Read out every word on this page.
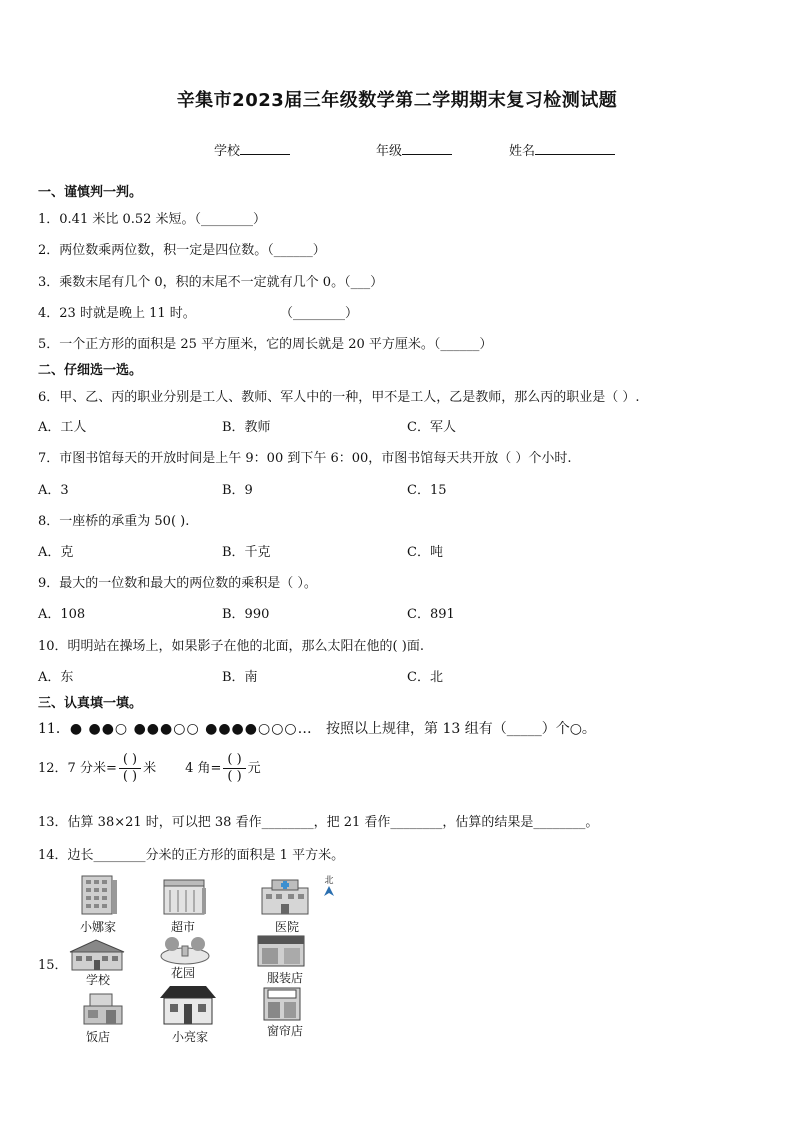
辛集市2023届三年级数学第二学期期末复习检测试题
学校	年级	姓名
一、谨慎判一判。
1．0.41 米比 0.52 米短。（________）
2．两位数乘两位数，积一定是四位数。（______）
3．乘数末尾有几个 0，积的末尾不一定就有几个 0。（___）
4．23 时就是晚上 11 时。	（________）
5．一个正方形的面积是 25 平方厘米，它的周长就是 20 平方厘米。（______）
二、仔细选一选。
6．甲、乙、丙的职业分别是工人、教师、军人中的一种，甲不是工人，乙是教师，那么丙的职业是（ ）.
A．工人	B．教师	C．军人
7．市图书馆每天的开放时间是上午 9：00 到下午 6：00，市图书馆每天共开放（ ）个小时.
A．3	B．9	C．15
8．一座桥的承重为 50( ).
A．克	B．千克	C．吨
9．最大的一位数和最大的两位数的乘积是（ ）。
A．108	B．990	C．891
10．明明站在操场上，如果影子在他的北面，那么太阳在他的( )面.
A．东	B．南	C．北
三、认真填一填。
11．● ●●○ ●●●○○ ●●●●○○○… 按照以上规律，第 13 组有（_____）个○。
12．7 分米= $\frac{( )}{( )}$ 米 4 角= $\frac{( )}{( )}$ 元
13．估算 38×21 时，可以把 38 看作________，把 21 看作________，估算的结果是________。
14．边长________分米的正方形的面积是 1 平方米。
15．
北
小娜家	超市	医院
学校	花园	服装店
饭店	小亮家	窗帘店
